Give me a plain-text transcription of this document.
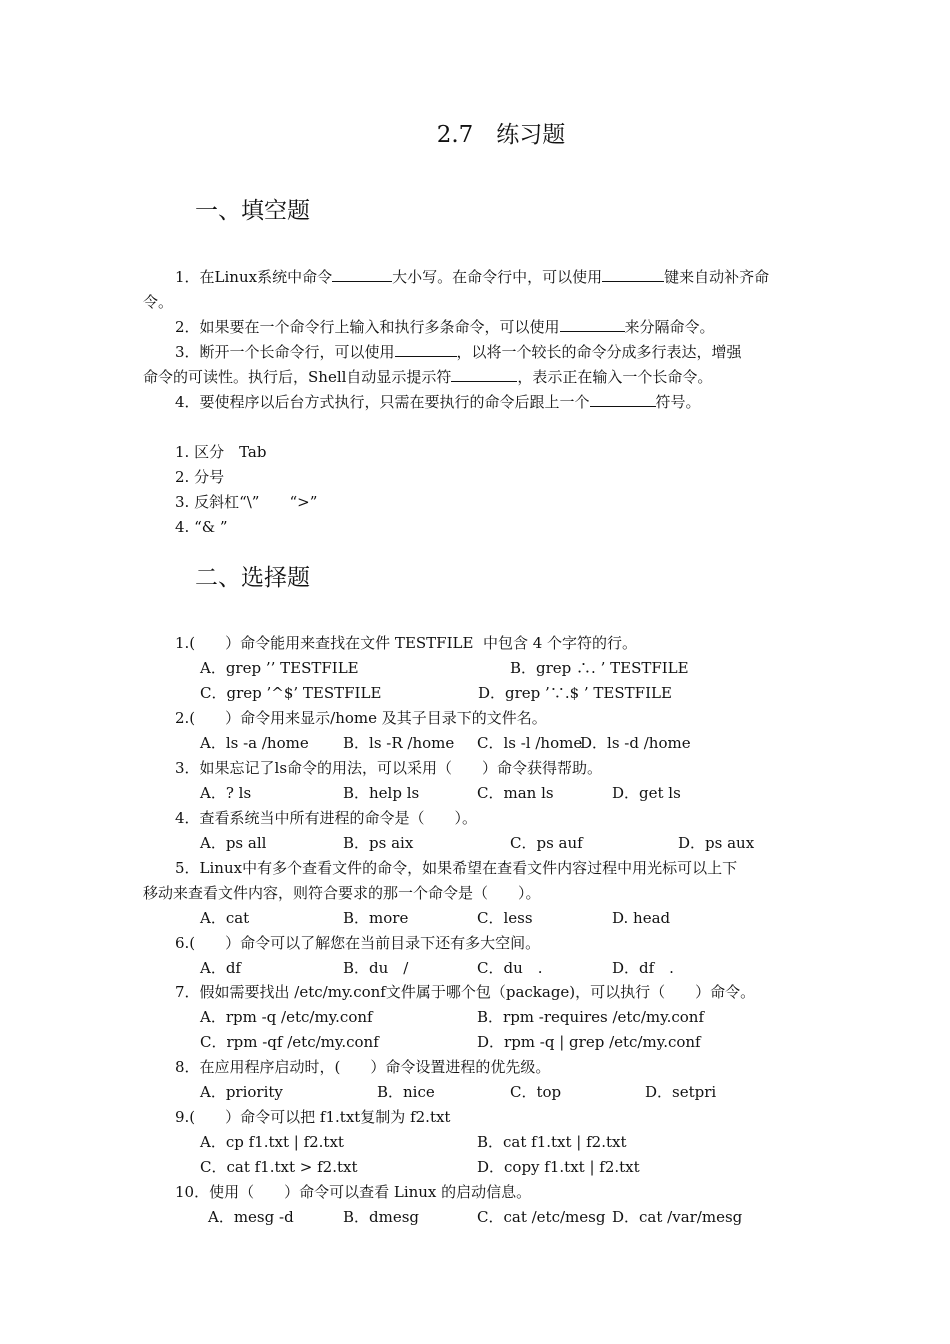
2.7　练习题
一、填空题
1．在Linux系统中命令	大小写。在命令行中，可以使用	键来自动补齐命
令。
2．如果要在一个命令行上输入和执行多条命令，可以使用	来分隔命令。
3．断开一个长命令行，可以使用	，以将一个较长的命令分成多行表达，增强
命令的可读性。执行后，Shell自动显示提示符	，表示正在输入一个长命令。
4．要使程序以后台方式执行，只需在要执行的命令后跟上一个	符号。
1. 区分　Tab
2. 分号
3. 反斜杠“\”　　“>”
4. “& ”
二、选择题
1.(　　）命令能用来查找在文件 TESTFILE  中包含 4 个字符的行。
A．grep ’’ TESTFILE	B．grep ∴. ’ TESTFILE
C．grep ’^$’ TESTFILE	D．grep ’∵.$ ’ TESTFILE
2.(　　）命令用来显示/home 及其子目录下的文件名。
A．ls -a /home B．ls -R /home C．ls -l /home
D．ls -d /home
3．如果忘记了ls命令的用法，可以采用（　　）命令获得帮助。
A．? ls	B．help ls	C．man ls	D．get ls
4．查看系统当中所有进程的命令是（　　）。
A．ps all	B．ps aix	C．ps auf	D．ps aux
5．Linux中有多个查看文件的命令，如果希望在查看文件内容过程中用光标可以上下
移动来查看文件内容，则符合要求的那一个命令是（　　）。
A．cat	B．more	C．less	D. head
6.(　　）命令可以了解您在当前目录下还有多大空间。
A．df	B．du　/	C．du　.	D．df　.
7．假如需要找出 /etc/my.conf文件属于哪个包（package)，可以执行（　　）命令。
A．rpm -q /etc/my.conf	B．rpm -requires /etc/my.conf
C．rpm -qf /etc/my.conf	D．rpm -q | grep /etc/my.conf
8．在应用程序启动时，(　　）命令设置进程的优先级。
A．priority	B．nice	C．top	D．setpri
9.(　　）命令可以把 f1.txt复制为 f2.txt
A．cp f1.txt | f2.txt	B．cat f1.txt | f2.txt
C．cat f1.txt > f2.txt	D．copy f1.txt | f2.txt
10．使用（　　）命令可以查看 Linux 的启动信息。
A．mesg -d	B．dmesg	C．cat /etc/mesg D．cat /var/mesg
